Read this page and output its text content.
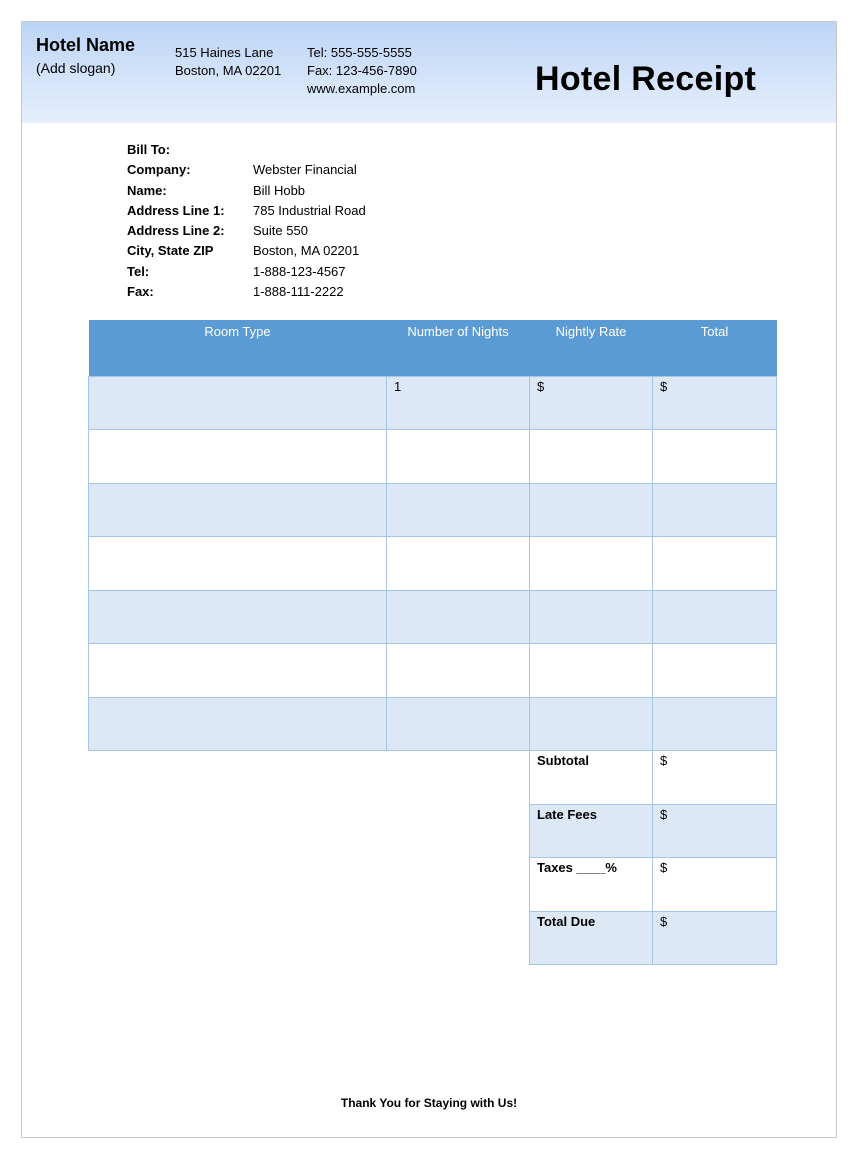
Hotel Name
(Add slogan)
515 Haines Lane
Boston, MA 02201
Tel: 555-555-5555
Fax: 123-456-7890
www.example.com	Hotel Receipt
Bill To:
Company:	Webster Financial
Name:	Bill Hobb
Address Line 1: 785 Industrial Road
Address Line 2: Suite 550
City, State ZIP	Boston, MA 02201
Tel:	1-888-123-4567
Fax:	1-888-111-2222
Room Type	Number of Nights	Nightly Rate	Total
	1	$	$

		Subtotal	$
		Late Fees	$
		Taxes ____%	$
		Total Due	$
Thank You for Staying with Us!
